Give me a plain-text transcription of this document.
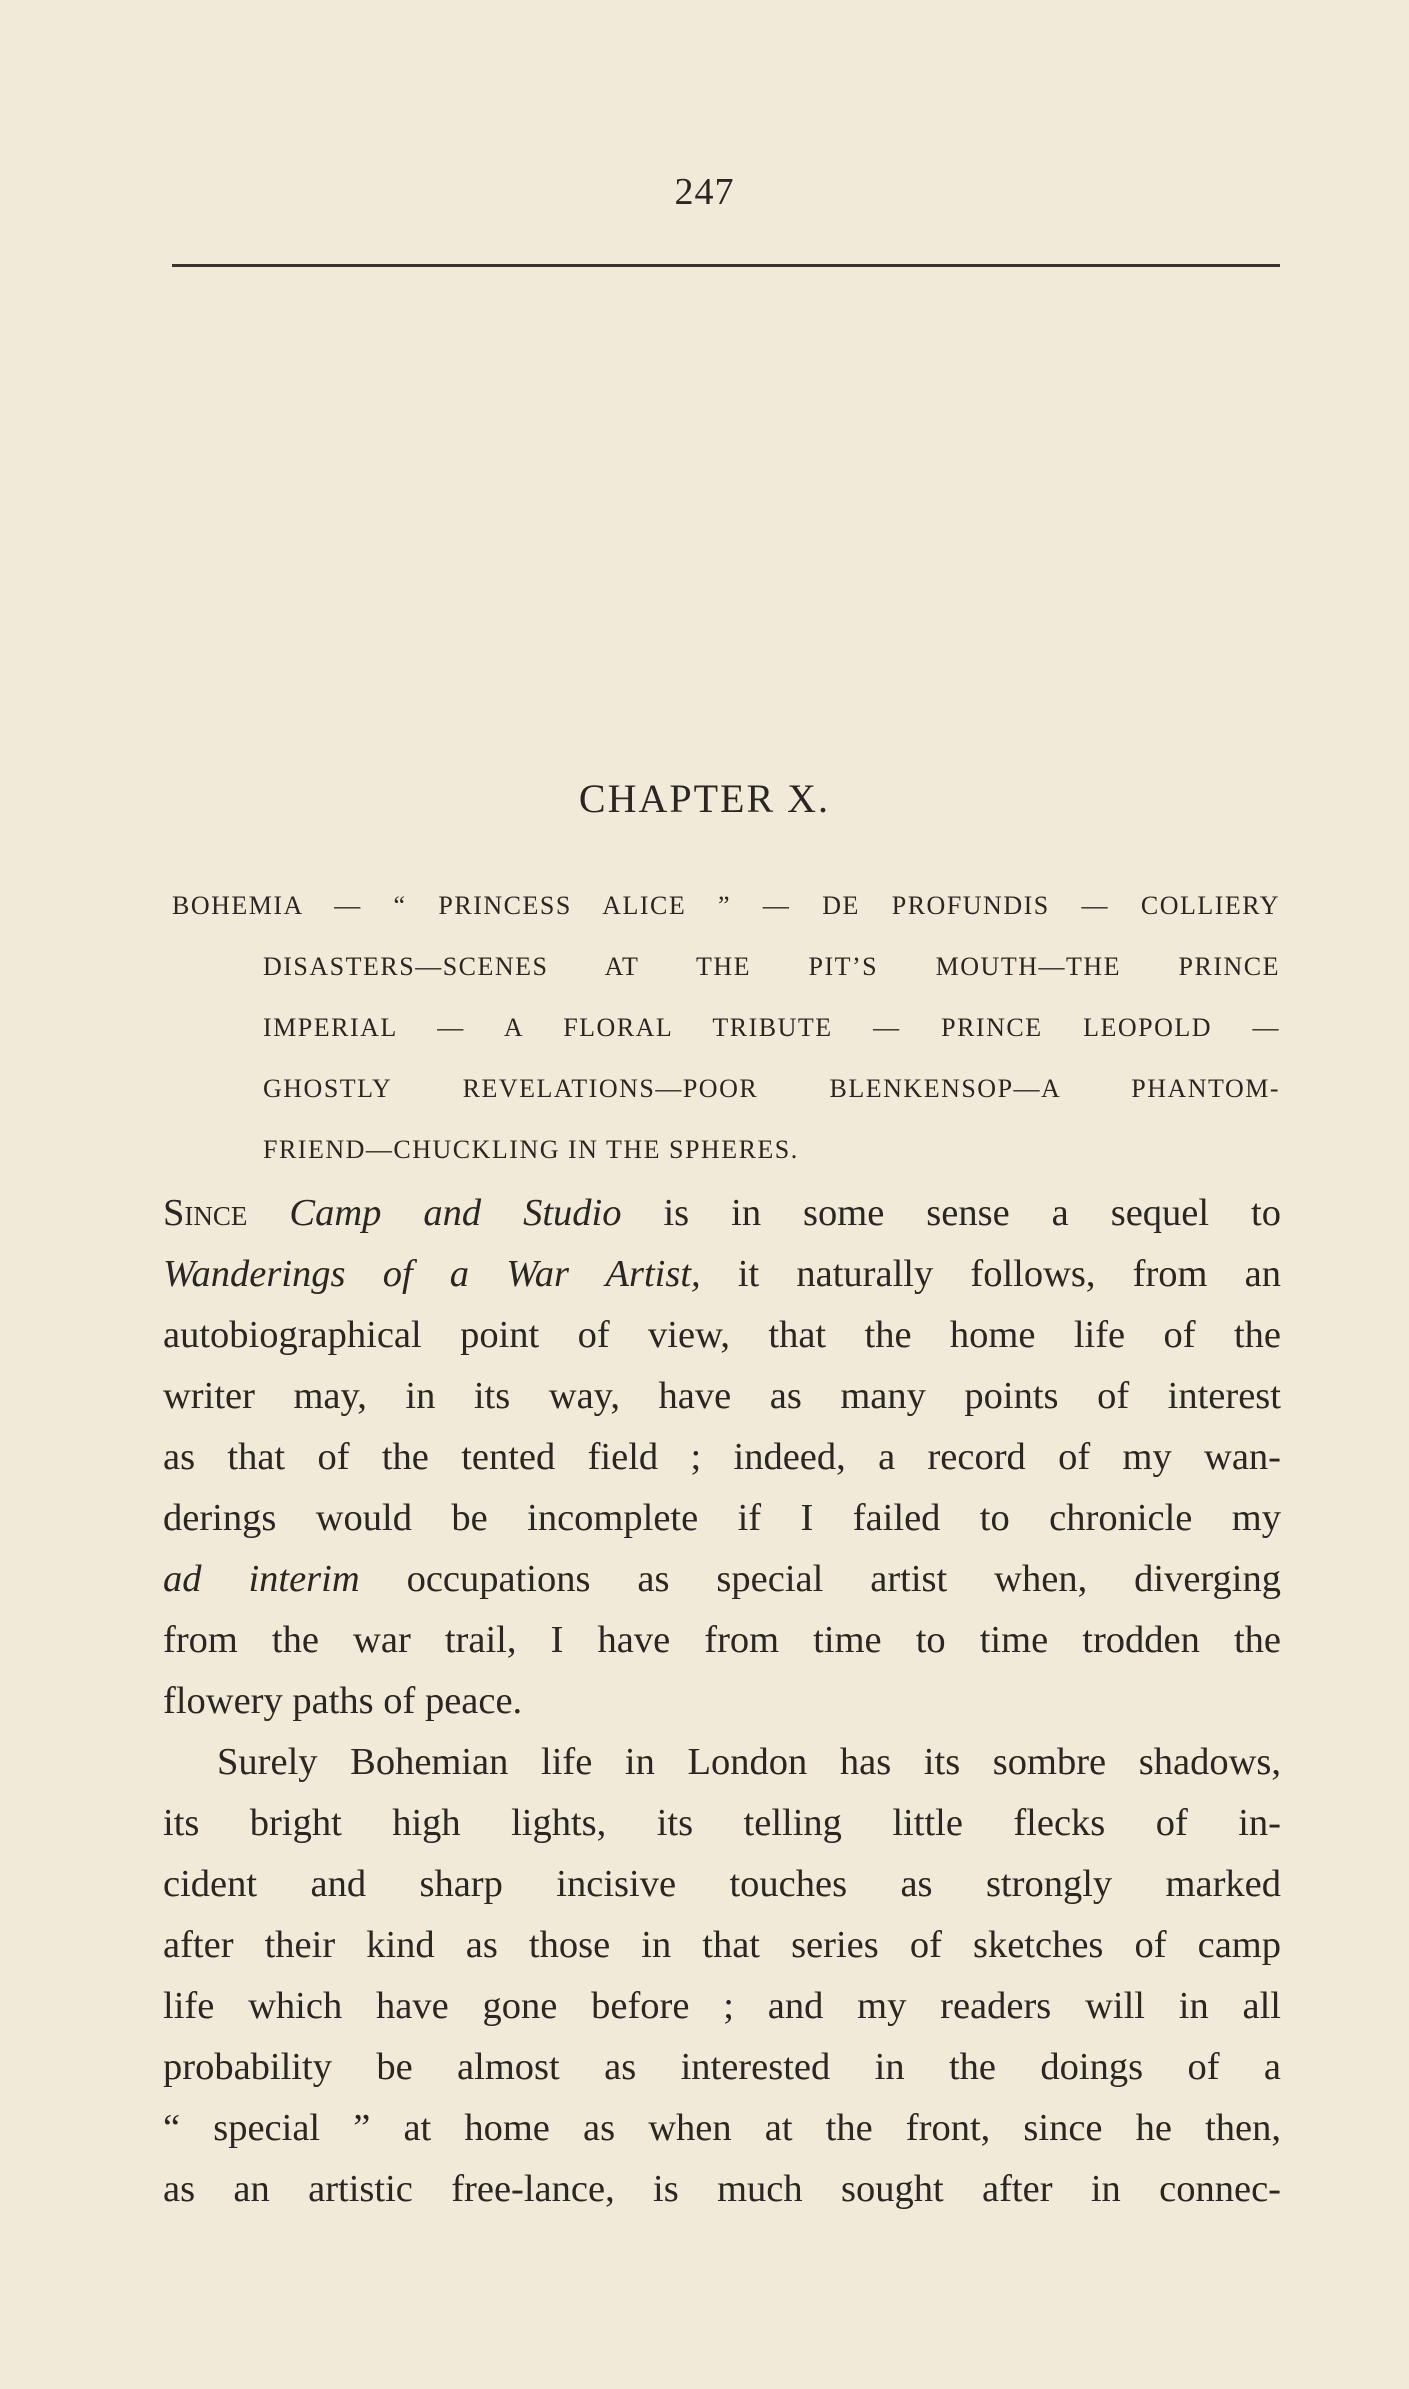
247
CHAPTER X.
BOHEMIA — “ PRINCESS ALICE ” — DE PROFUNDIS — COLLIERY
DISASTERS—SCENES AT THE PIT’S MOUTH—THE PRINCE
IMPERIAL — A FLORAL TRIBUTE — PRINCE LEOPOLD —
GHOSTLY REVELATIONS—POOR BLENKENSOP—A PHANTOM-
FRIEND—CHUCKLING IN THE SPHERES.
Since Camp and Studio is in some sense a sequel to
Wanderings of a War Artist, it naturally follows, from an
autobiographical point of view, that the home life of the
writer may, in its way, have as many points of interest
as that of the tented field ; indeed, a record of my wan-
derings would be incomplete if I failed to chronicle my
ad interim occupations as special artist when, diverging
from the war trail, I have from time to time trodden the
flowery paths of peace.
Surely Bohemian life in London has its sombre shadows,
its bright high lights, its telling little flecks of in-
cident and sharp incisive touches as strongly marked
after their kind as those in that series of sketches of camp
life which have gone before ; and my readers will in all
probability be almost as interested in the doings of a
“ special ” at home as when at the front, since he then,
as an artistic free-lance, is much sought after in connec-
